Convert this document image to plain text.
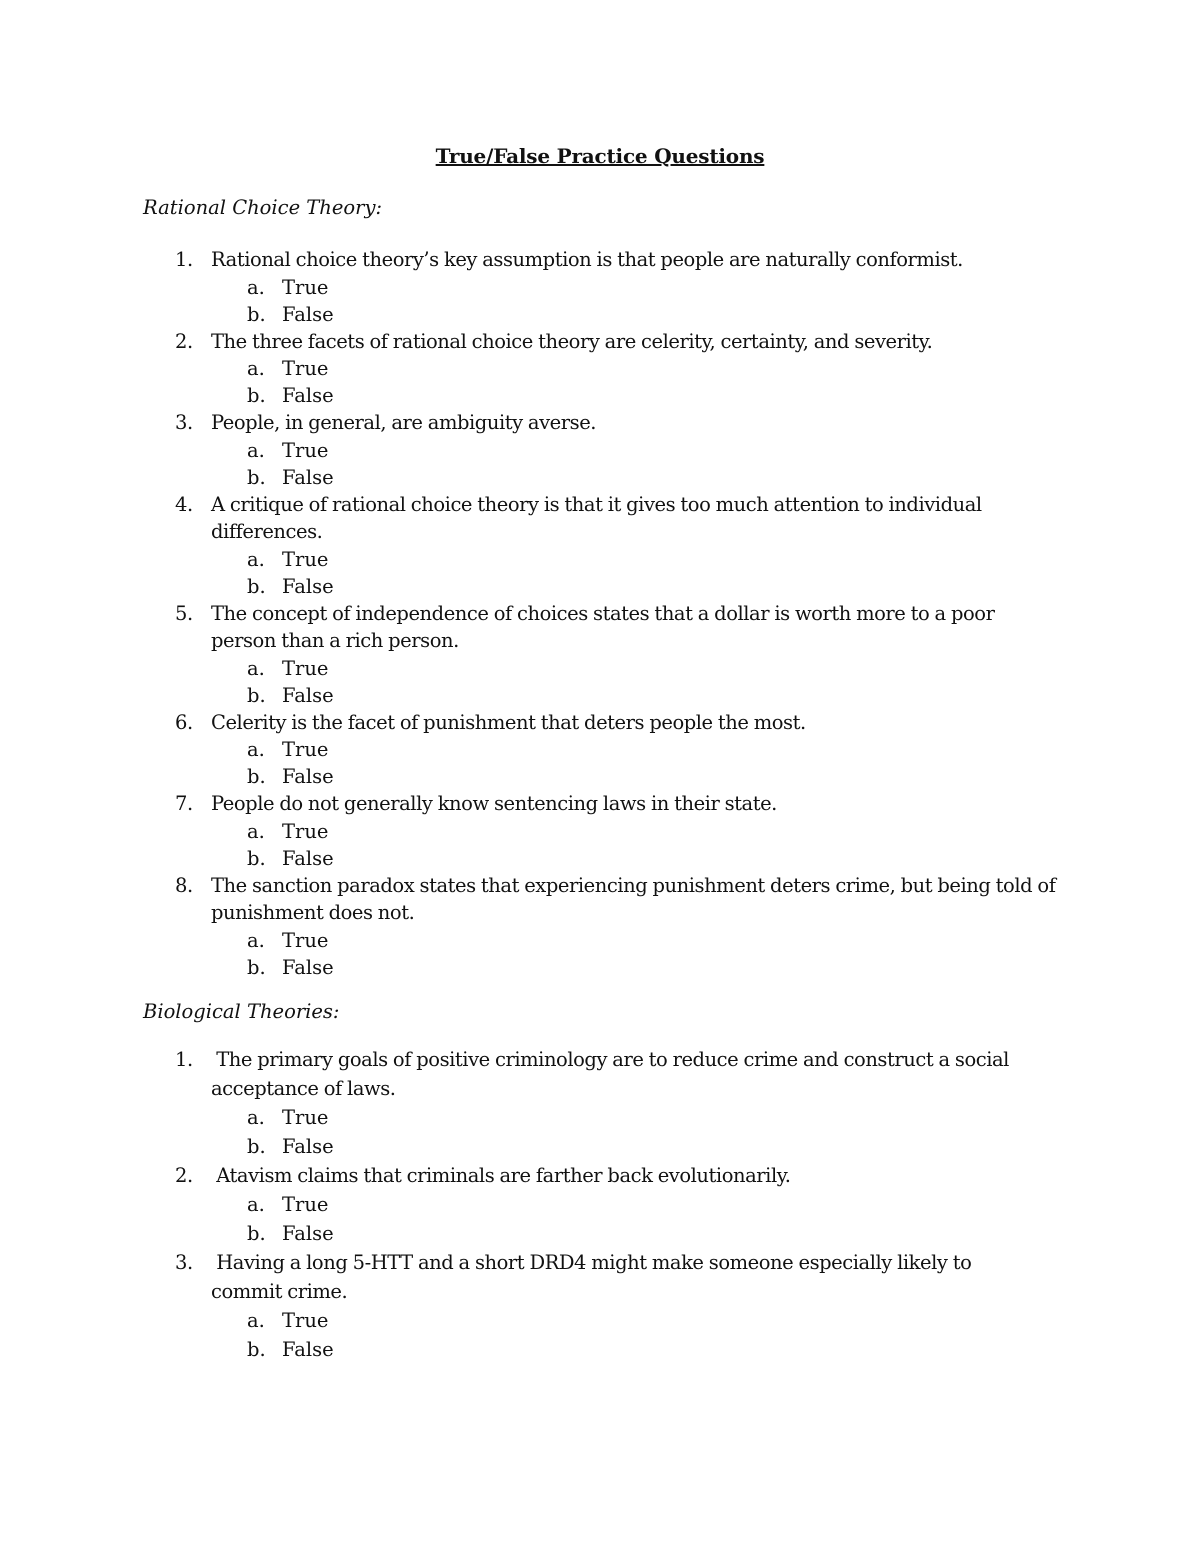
True/False Practice Questions
Rational Choice Theory:
1. Rational choice theory’s key assumption is that people are naturally conformist.
a. True
b. False
2. The three facets of rational choice theory are celerity, certainty, and severity.
a. True
b. False
3. People, in general, are ambiguity averse.
a. True
b. False
4. A critique of rational choice theory is that it gives too much attention to individual
differences.
a. True
b. False
5. The concept of independence of choices states that a dollar is worth more to a poor
person than a rich person.
a. True
b. False
6. Celerity is the facet of punishment that deters people the most.
a. True
b. False
7. People do not generally know sentencing laws in their state.
a. True
b. False
8. The sanction paradox states that experiencing punishment deters crime, but being told of
punishment does not.
a. True
b. False
Biological Theories:
1. The primary goals of positive criminology are to reduce crime and construct a social
acceptance of laws.
a. True
b. False
2. Atavism claims that criminals are farther back evolutionarily.
a. True
b. False
3. Having a long 5-HTT and a short DRD4 might make someone especially likely to
commit crime.
a. True
b. False
